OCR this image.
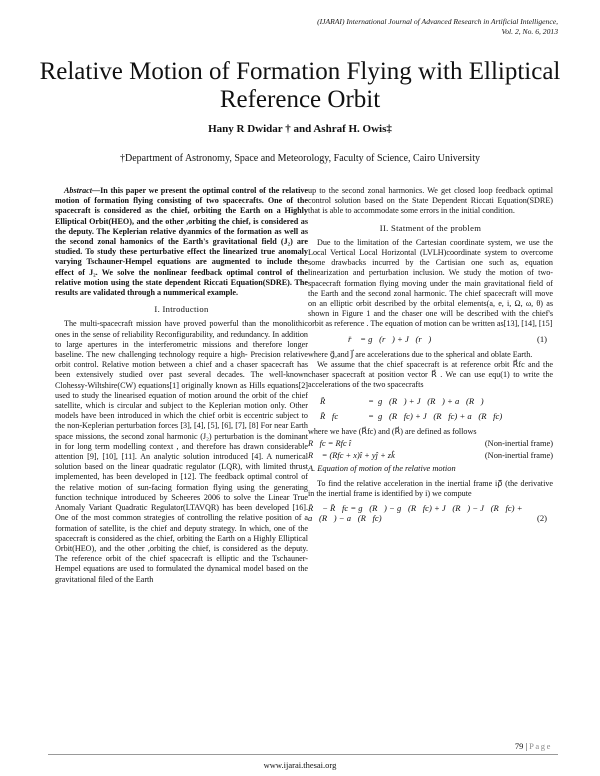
(IJARAI) International Journal of Advanced Research in Artificial Intelligence,
Vol. 2, No. 6, 2013
Relative Motion of Formation Flying with Elliptical Reference Orbit
Hany R Dwidar † and Ashraf H. Owis‡
†Department of Astronomy, Space and Meteorology, Faculty of Science, Cairo University

Abstract—In this paper we present the optimal control of the relative motion of formation flying consisting of two spacecrafts. One of the spacecraft is considered as the chief, orbiting the Earth on a Highly Elliptical Orbit(HEO), and the other ,orbiting the chief, is considered as the deputy. The Keplerian relative dyanmics of the formation as well as the second zonal hamonics of the Earth's gravitational field (J₂) are studied. To study these perturbative effect the linearized true anomaly varying Tschauner-Hempel equations are augmented to include the effect of J₂. We solve the nonlinear feedback optimal control of the relative motion using the state dependent Riccati Equation(SDRE). The results are validated through a nummerical example.

I. Introduction

The multi-spacecraft mission have proved powerful than the monolithic ones in the sense of reliability Reconfigurability, and redundancy. In addition to large apertures in the interferometric missions and therefore longer baseline. The new challenging technology require a high- Precision relative orbit control. Relative motion between a chief and a chaser spacecraft has been extensively studied over past several decades. The well-known Clohessy-Wiltshire(CW) equations[1] originally known as Hills equations[2] used to study the linearised equation of motion around the orbit of the chief satellite, which is circular and subject to the Keplerian motion only. Other models have been introduced in which the chief orbit is eccentric subject to the non-Keplerian perturbation forces [3], [4], [5], [6], [7], [8] For near Earth space missions, the second zonal harmonic (J₂) perturbation is the dominant in for long term modelling context , and therefore has drawn considerable attention [9], [10], [11]. An analytic solution introduced [4]. A numerical solution based on the linear quadratic regulator (LQR), with limited thrust implemented, has been developed in [12]. The feedback optimal control of the relative motion of sun-facing formation flying using the generating function technique introduced by Scheeres 2006 to solve the Linear True Anomaly Variant Quadratic Regulator(LTAVQR) has been developed [16]. One of the most common strategies of controlling the relative position of a formation of satellite, is the chief and deputy strategy. In which, one of the spacecraft is considered as the chief, orbiting the Earth on a Highly Elliptical Orbit(HEO), and the other ,orbiting the chief, is considered as the deputy. The reference orbit of the chief spacecraft is elliptic and the Tschauner-Hempel equations are used to formulated the dynamical model based on the gravitational filed of the Earth

up to the second zonal harmonics. We get closed loop feedback optimal control solution based on the State Dependent Riccati Equation(SDRE) that is able to accommodate some errors in the initial condition.

II. Statment of the problem

Due to the limitation of the Cartesian coordinate system, we use the Local Vertical Local Horizontal (LVLH)coordinate system to overcome some drawbacks incurred by the Cartisian one such as, equation linearization and perturbation inclusion. We study the motion of two-spacecraft formation flying moving under the main gravitational field of the Earth and the second zonal harmonic. The chief spacecraft will move on an elliptic orbit described by the orbital elements(a, e, i, Ω, ω, θ) as shown in Figure 1 and the chaser one will be described with the chief's orbit as reference . The equation of motion can be written as[13], [14], [15]

r̈⃗ = g⃗(r⃗) + J⃗(r⃗)	(1)

where g⃗,and J⃗ are accelerations due to the spherical and oblate Earth.

We assume that the chief spacecraft is at reference orbit R⃗fc and the chaser spacecraft at position vector R⃗ . We can use equ(1) to write the accelerations of the two spacecrafts

R̈⃗	= g⃗(R⃗) + J⃗(R⃗) + a⃗(R⃗)
R̈⃗fc	= g⃗(R⃗fc) + J⃗(R⃗fc) + a⃗(R⃗fc)

where we have (R⃗fc) and (R⃗) are defined as follows

R⃗fc = Rfc î	(Non-inertial frame)
R⃗ = (Rfc + x)î + yĵ + zk̂	(Non-inertial frame)
A. Equation of motion of the relative motion

To find the relative acceleration in the inertial frame iρ̈⃗ (the derivative in the inertial frame is identified by i) we compute

R̈⃗ − R̈⃗fc = g⃗(R⃗) − g⃗(R⃗fc) + J⃗(R⃗) − J⃗(R⃗fc) + a⃗(R⃗) − a⃗(R⃗fc)	(2)
79 | Page
www.ijarai.thesai.org
